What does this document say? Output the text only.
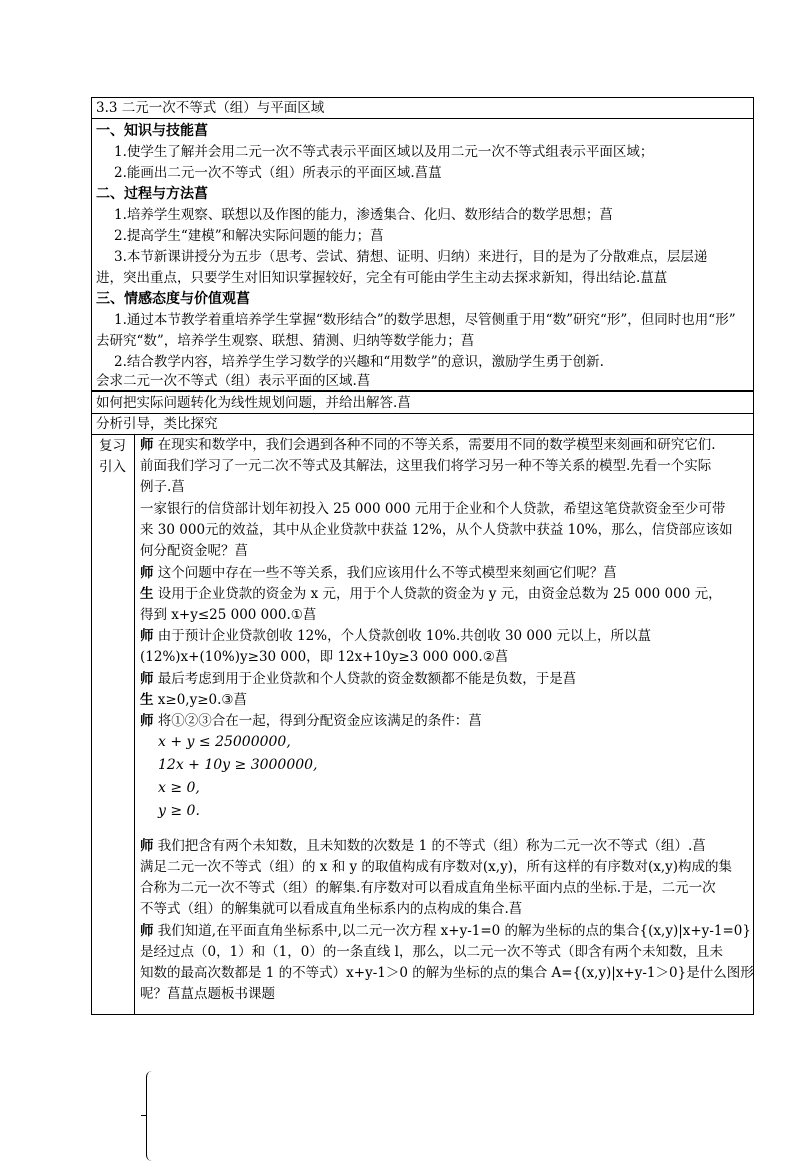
3.3 二元一次不等式（组）与平面区域
一、知识与技能菖
1.使学生了解并会用二元一次不等式表示平面区域以及用二元一次不等式组表示平面区域；
2.能画出二元一次不等式（组）所表示的平面区域.菖蒀
二、过程与方法菖
1.培养学生观察、联想以及作图的能力，渗透集合、化归、数形结合的数学思想；菖
2.提高学生“建模”和解决实际问题的能力；菖
3.本节新课讲授分为五步（思考、尝试、猜想、证明、归纳）来进行，目的是为了分散难点，层层递
进，突出重点，只要学生对旧知识掌握较好，完全有可能由学生主动去探求新知，得出结论.蒀蒀
三、情感态度与价值观菖
1.通过本节教学着重培养学生掌握“数形结合”的数学思想，尽管侧重于用“数”研究“形”，但同时也用“形”
去研究“数”，培养学生观察、联想、猜测、归纳等数学能力；菖
2.结合教学内容，培养学生学习数学的兴趣和“用数学”的意识，激励学生勇于创新.
会求二元一次不等式（组）表示平面的区域.菖
如何把实际问题转化为线性规划问题，并给出解答.菖
分析引导，类比探究
复习
引入
师 在现实和数学中，我们会遇到各种不同的不等关系，需要用不同的数学模型来刻画和研究它们.
前面我们学习了一元二次不等式及其解法，这里我们将学习另一种不等关系的模型.先看一个实际
例子.菖
一家银行的信贷部计划年初投入 25 000 000 元用于企业和个人贷款，希望这笔贷款资金至少可带
来 30 000元的效益，其中从企业贷款中获益 12%，从个人贷款中获益 10%，那么，信贷部应该如
何分配资金呢？菖
师 这个问题中存在一些不等关系，我们应该用什么不等式模型来刻画它们呢？菖
生 设用于企业贷款的资金为 x 元，用于个人贷款的资金为 y 元，由资金总数为 25 000 000 元，
得到 x+y≤25 000 000.①菖
师 由于预计企业贷款创收 12%，个人贷款创收 10%.共创收 30 000 元以上，所以蒀
(12%)x+(10%)y≥30 000，即 12x+10y≥3 000 000.②菖
师 最后考虑到用于企业贷款和个人贷款的资金数额都不能是负数，于是菖
生 x≥0,y≥0.③菖
师 将①②③合在一起，得到分配资金应该满足的条件：菖
x + y ≤ 25000000,
12x + 10y ≥ 3000000,
x ≥ 0,
y ≥ 0.
师 我们把含有两个未知数，且未知数的次数是 1 的不等式（组）称为二元一次不等式（组）.菖
满足二元一次不等式（组）的 x 和 y 的取值构成有序数对(x,y)，所有这样的有序数对(x,y)构成的集
合称为二元一次不等式（组）的解集.有序数对可以看成直角坐标平面内点的坐标.于是，二元一次
不等式（组）的解集就可以看成直角坐标系内的点构成的集合.菖
师 我们知道,在平面直角坐标系中,以二元一次方程 x+y-1=0 的解为坐标的点的集合{(x,y)|x+y-1=0}
是经过点（0，1）和（1，0）的一条直线 l，那么，以二元一次不等式（即含有两个未知数，且未
知数的最高次数都是 1 的不等式）x+y-1＞0 的解为坐标的点的集合 A={(x,y)|x+y-1＞0}是什么图形
呢？菖蒀点题板书课题
